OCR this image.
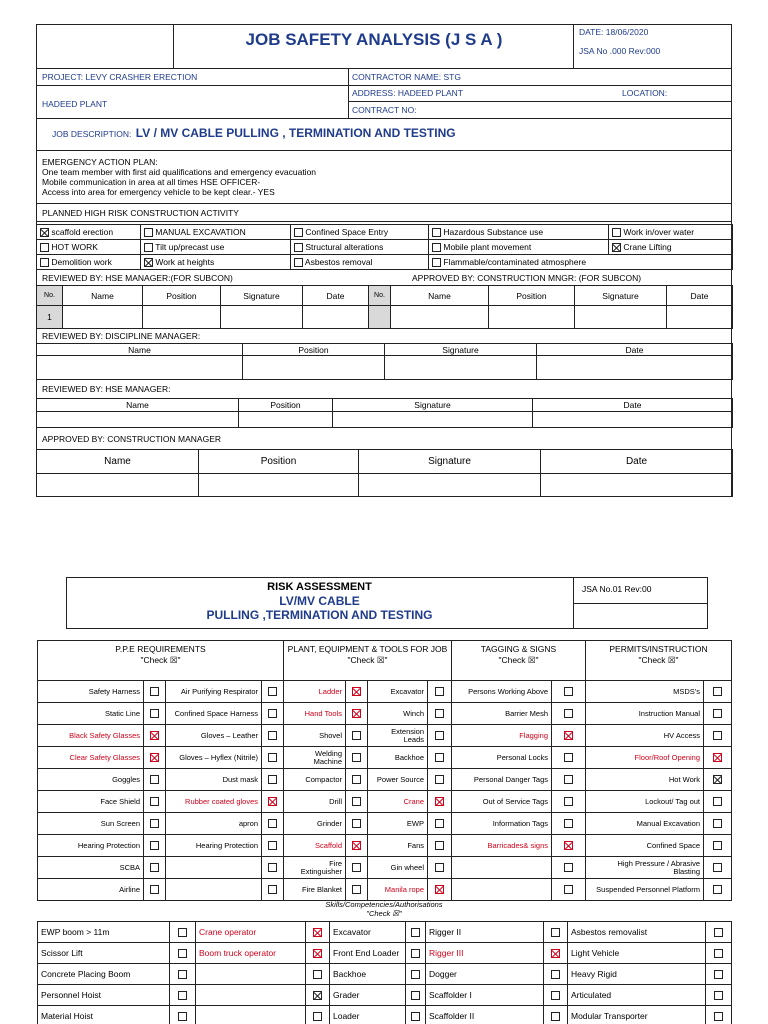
JOB SAFETY ANALYSIS (J S A )	DATE: 18/06/2020
JSA No .000 Rev:000
PROJECT: LEVY CRASHER ERECTION	CONTRACTOR NAME: STG
HADEED PLANT
ADDRESS: HADEED PLANT	LOCATION:
CONTRACT NO:
JOB DESCRIPTION: LV / MV CABLE PULLING , TERMINATION AND TESTING
EMERGENCY ACTION PLAN:
One team member with first aid qualifications and emergency evacuation
Mobile communication in area at all times HSE OFFICER-
Access into area for emergency vehicle to be kept clear.- YES
PLANNED HIGH RISK CONSTRUCTION ACTIVITY
scaffold erection	MANUAL EXCAVATION	Confined Space Entry	Hazardous Substance use	Work in/over water
HOT WORK	Tilt up/precast use	Structural alterations	Mobile plant movement	Crane Lifting
Demolition work	Work at heights	Asbestos removal	Flammable/contaminated atmosphere	
REVIEWED BY: HSE MANAGER:(FOR SUBCON)	APPROVED BY: CONSTRUCTION MNGR: (FOR SUBCON)
No.	Name	Position	Signature	Date	No.	Name	Position	Signature	Date
1									
REVIEWED BY: DISCIPLINE MANAGER:
Name	Position	Signature	Date

REVIEWED BY: HSE MANAGER:
Name	Position	Signature	Date

APPROVED BY: CONSTRUCTION MANAGER
Name	Position	Signature	Date

RISK ASSESSMENT
LV/MV CABLE
PULLING ,TERMINATION AND TESTING
JSA No.01 Rev:00
P.P.E REQUIREMENTS
"Check ☒"

PLANT, EQUIPMENT & TOOLS FOR JOB
"Check ☒"

TAGGING & SIGNS
"Check ☒"

PERMITS/INSTRUCTION
"Check ☒"
Safety Harness		Air Purifying Respirator		Ladder		Excavator		Persons Working Above		MSDS's	
Static Line		Confined Space Harness		Hand Tools		Winch		Barrier Mesh		Instruction Manual	
Black Safety Glasses		Gloves – Leather		Shovel		Extension Leads		Flagging		HV Access	
Clear Safety Glasses		Gloves – Hyflex (Nitrile)		Welding Machine		Backhoe		Personal Locks		Floor/Roof Opening	
Goggles		Dust mask		Compactor		Power Source		Personal Danger Tags		Hot Work	
Face Shield		Rubber coated gloves		Drill		Crane		Out of Service Tags		Lockout/ Tag out	
Sun Screen		apron		Grinder		EWP		Information Tags		Manual Excavation	
Hearing Protection		Hearing Protection		Scaffold		Fans		Barricades& signs		Confined Space	
SCBA				Fire Extinguisher		Gin wheel				High Pressure / Abrasive Blasting	
Airline				Fire Blanket		Manila rope				Suspended Personnel Platform	
Skills/Competencies/Authorisations
"Check ☒"
EWP boom > 11m		Crane operator		Excavator		Rigger II		Asbestos removalist	
Scissor Lift		Boom truck operator		Front End Loader		Rigger III		Light Vehicle	
Concrete Placing Boom				Backhoe		Dogger		Heavy Rigid	
Personnel Hoist				Grader		Scaffolder I		Articulated	
Material Hoist				Loader		Scaffolder II		Modular Transporter	
